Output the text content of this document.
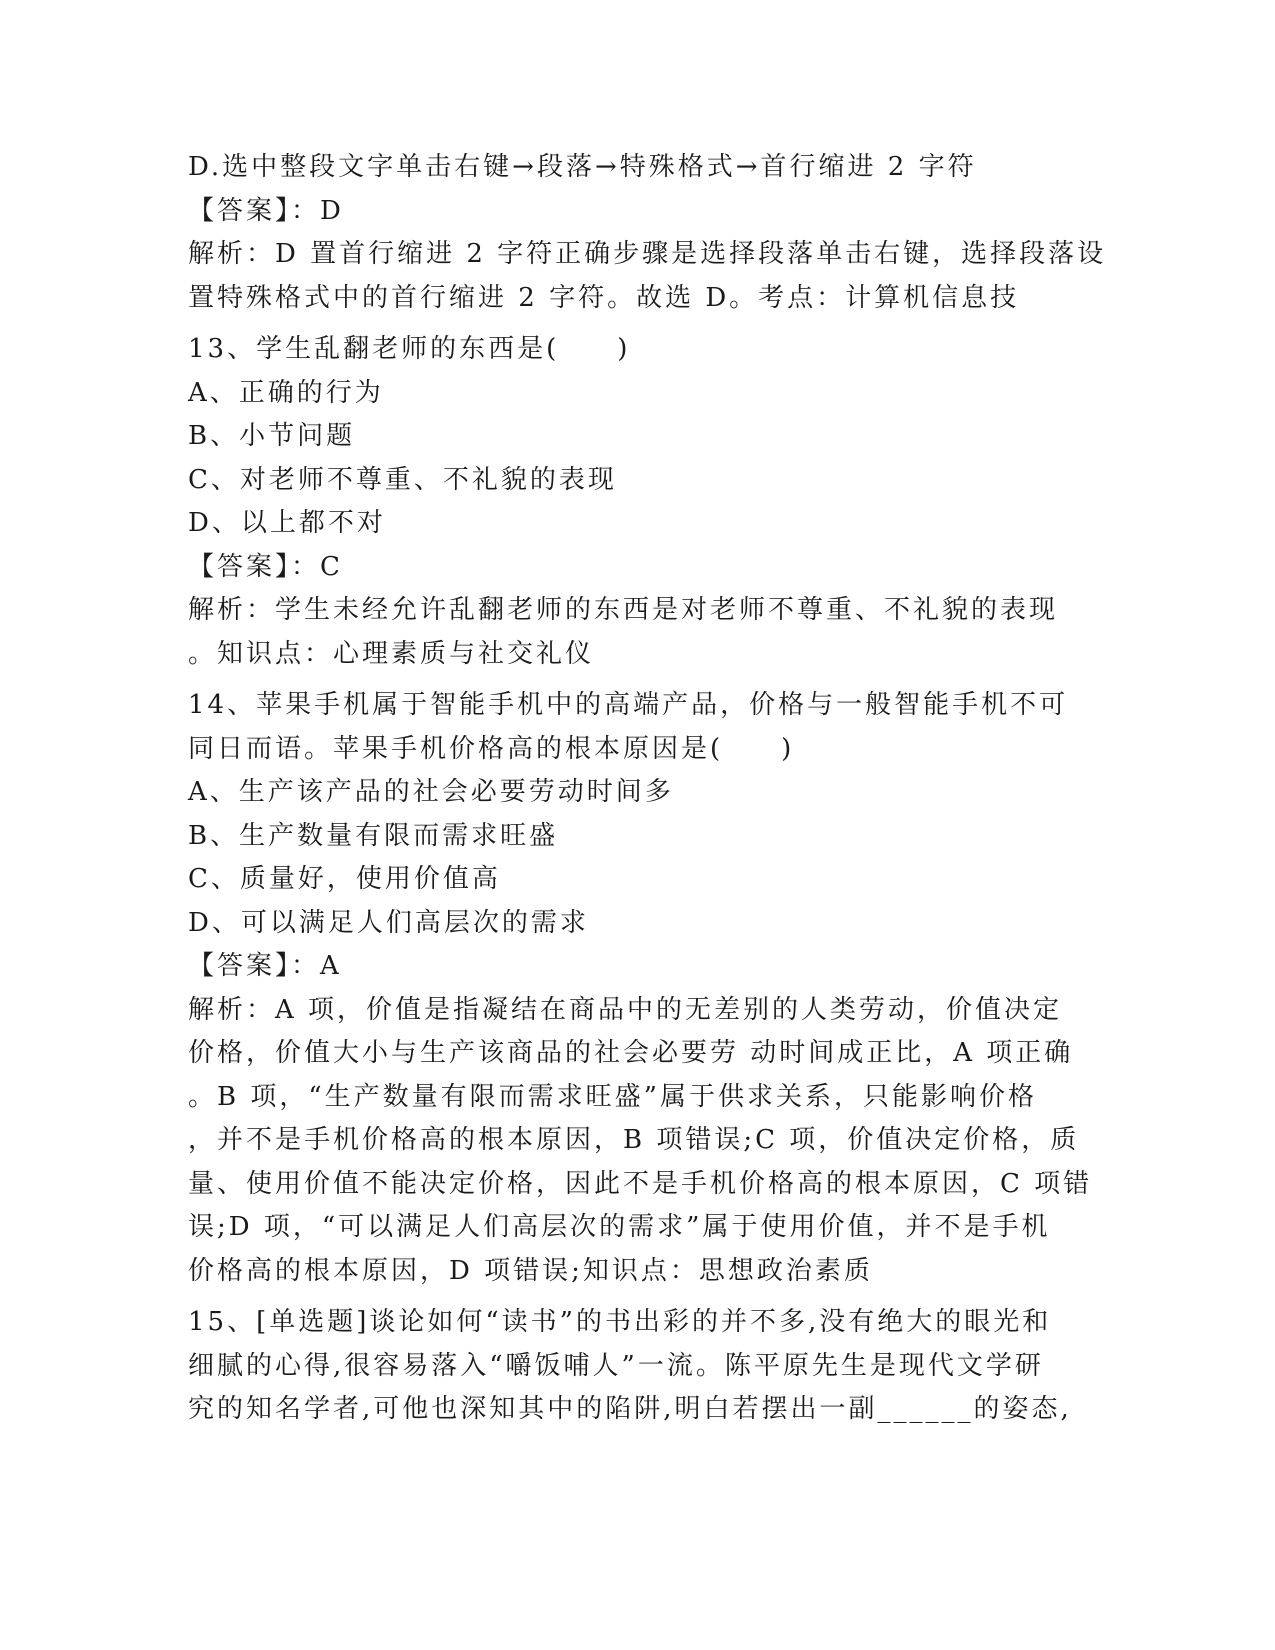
D.选中整段文字单击右键→段落→特殊格式→首行缩进 2 字符
【答案】：D
解析：D 置首行缩进 2 字符正确步骤是选择段落单击右键，选择段落设
置特殊格式中的首行缩进 2 字符。故选 D。考点：计算机信息技
13、学生乱翻老师的东西是(　　)
A、正确的行为
B、小节问题
C、对老师不尊重、不礼貌的表现
D、以上都不对
【答案】：C
解析：学生未经允许乱翻老师的东西是对老师不尊重、不礼貌的表现
。知识点：心理素质与社交礼仪
14、苹果手机属于智能手机中的高端产品，价格与一般智能手机不可
同日而语。苹果手机价格高的根本原因是(　　)
A、生产该产品的社会必要劳动时间多
B、生产数量有限而需求旺盛
C、质量好，使用价值高
D、可以满足人们高层次的需求
【答案】：A
解析：A 项，价值是指凝结在商品中的无差别的人类劳动，价值决定
价格，价值大小与生产该商品的社会必要劳 动时间成正比，A 项正确
。B 项，“生产数量有限而需求旺盛”属于供求关系，只能影响价格
，并不是手机价格高的根本原因，B 项错误;C 项，价值决定价格，质
量、使用价值不能决定价格，因此不是手机价格高的根本原因，C 项错
误;D 项，“可以满足人们高层次的需求”属于使用价值，并不是手机
价格高的根本原因，D 项错误;知识点：思想政治素质
15、[单选题]谈论如何“读书”的书出彩的并不多,没有绝大的眼光和
细腻的心得,很容易落入“嚼饭哺人”一流。陈平原先生是现代文学研
究的知名学者,可他也深知其中的陷阱,明白若摆出一副______的姿态,
